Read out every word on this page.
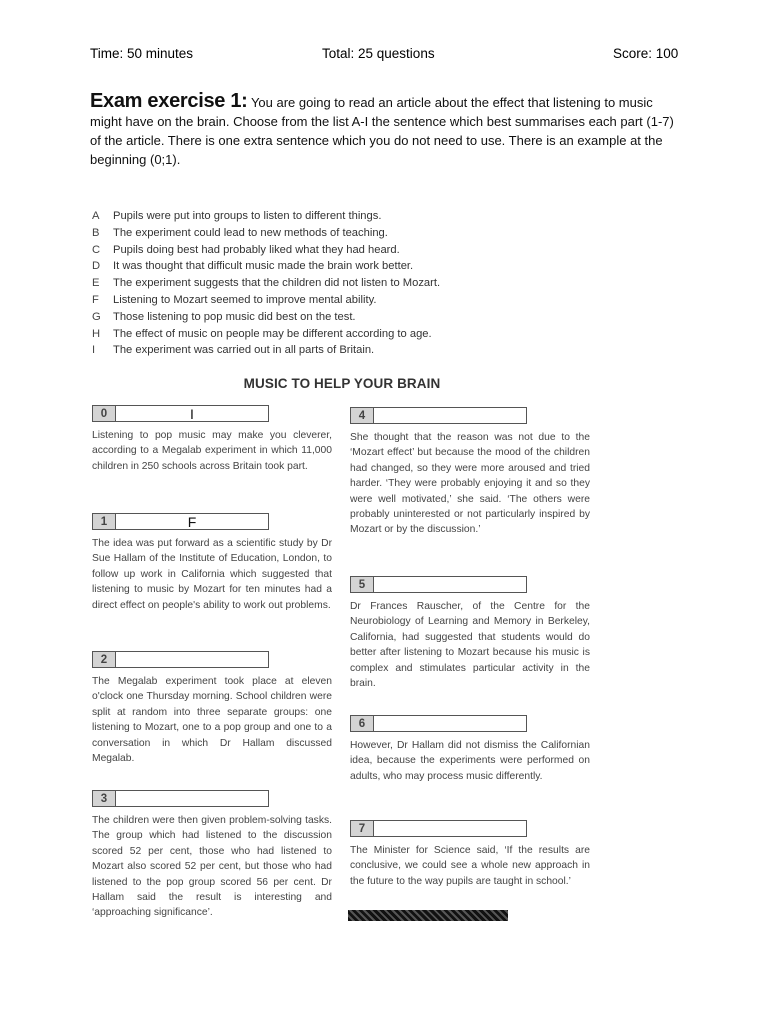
Time: 50 minutes	Total: 25 questions	Score: 100
Exam exercise 1: You are going to read an article about the effect that listening to music might have on the brain. Choose from the list A-I the sentence which best summarises each part (1-7) of the article. There is one extra sentence which you do not need to use. There is an example at the beginning (0;1).
A	Pupils were put into groups to listen to different things.
B	The experiment could lead to new methods of teaching.
C	Pupils doing best had probably liked what they had heard.
D	It was thought that difficult music made the brain work better.
E	The experiment suggests that the children did not listen to Mozart.
F	Listening to Mozart seemed to improve mental ability.
G	Those listening to pop music did best on the test.
H	The effect of music on people may be different according to age.
I	The experiment was carried out in all parts of Britain.
MUSIC TO HELP YOUR BRAIN
0	I
Listening to pop music may make you cleverer, according to a Megalab experiment in which 11,000 children in 250 schools across Britain took part.
1	F
The idea was put forward as a scientific study by Dr Sue Hallam of the Institute of Education, London, to follow up work in California which suggested that listening to music by Mozart for ten minutes had a direct effect on people's ability to work out problems.
2
The Megalab experiment took place at eleven o'clock one Thursday morning. School children were split at random into three separate groups: one listening to Mozart, one to a pop group and one to a conversation in which Dr Hallam discussed Megalab.
3
The children were then given problem-solving tasks. The group which had listened to the discussion scored 52 per cent, those who had listened to Mozart also scored 52 per cent, but those who had listened to the pop group scored 56 per cent. Dr Hallam said the result is interesting and ‘approaching significance’.
4
She thought that the reason was not due to the ‘Mozart effect’ but because the mood of the children had changed, so they were more aroused and tried harder. ‘They were probably enjoying it and so they were well motivated,’ she said. ‘The others were probably uninterested or not particularly inspired by Mozart or by the discussion.’
5
Dr Frances Rauscher, of the Centre for the Neurobiology of Learning and Memory in Berkeley, California, had suggested that students would do better after listening to Mozart because his music is complex and stimulates particular activity in the brain.
6
However, Dr Hallam did not dismiss the Californian idea, because the experiments were performed on adults, who may process music differently.
7
The Minister for Science said, ‘If the results are conclusive, we could see a whole new approach in the future to the way pupils are taught in school.’
